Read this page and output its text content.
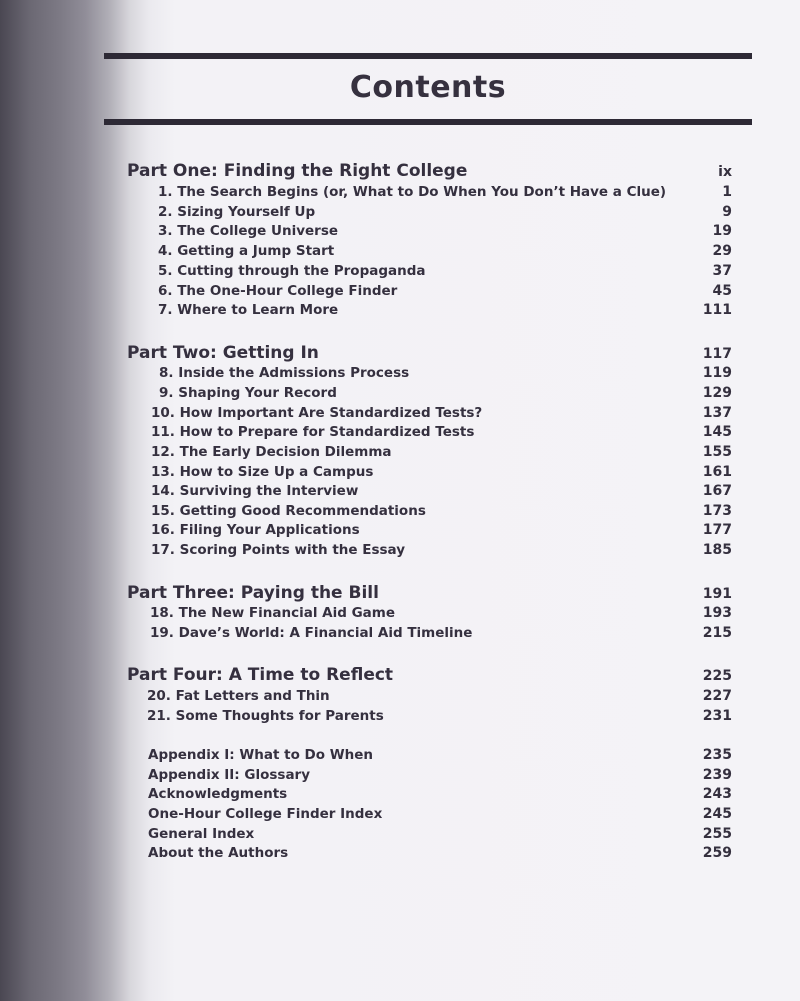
Contents
Part One: Finding the Right College	ix
1. The Search Begins (or, What to Do When You Don’t Have a Clue)	1
2. Sizing Yourself Up	9
3. The College Universe	19
4. Getting a Jump Start	29
5. Cutting through the Propaganda	37
6. The One-Hour College Finder	45
7. Where to Learn More	111
Part Two: Getting In	117
8. Inside the Admissions Process	119
9. Shaping Your Record	129
10. How Important Are Standardized Tests?	137
11. How to Prepare for Standardized Tests	145
12. The Early Decision Dilemma	155
13. How to Size Up a Campus	161
14. Surviving the Interview	167
15. Getting Good Recommendations	173
16. Filing Your Applications	177
17. Scoring Points with the Essay	185
Part Three: Paying the Bill	191
18. The New Financial Aid Game	193
19. Dave’s World: A Financial Aid Timeline	215
Part Four: A Time to Reflect	225
20. Fat Letters and Thin	227
21. Some Thoughts for Parents	231
Appendix I: What to Do When	235
Appendix II: Glossary	239
Acknowledgments	243
One-Hour College Finder Index	245
General Index	255
About the Authors	259
